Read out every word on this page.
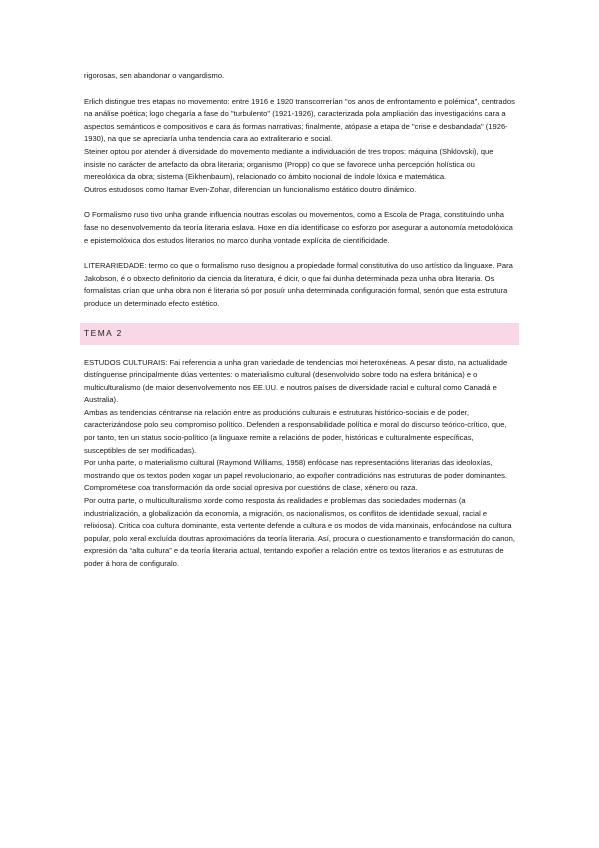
rigorosas, sen abandonar o vangardismo.

Erlich distingue tres etapas no movemento: entre 1916 e 1920 transcorrerían "os anos de enfrontamento e polémica", centrados na análise poética; logo chegaría a fase do "turbulento" (1921-1926), caracterizada pola ampliación das investigacións cara a aspectos semánticos e compositivos e cara ás formas narrativas; finalmente, atópase a etapa de "crise e desbandada" (1926-1930), na que se apreciaría unha tendencia cara ao extraliterario e social.

Steiner optou por atender á diversidade do movemento mediante a individuación de tres tropos: máquina (Shklovski), que insiste no carácter de artefacto da obra literaria; organismo (Propp) co que se favorece unha percepción holística ou mereolóxica da obra; sistema (Eikhenbaum), relacionado co ámbito nocional de índole lóxica e matemática.

Outros estudosos como Itamar Even-Zohar, diferencian un funcionalismo estático doutro dinámico.

O Formalismo ruso tivo unha grande influencia noutras escolas ou movementos, como a Escola de Praga, constituíndo unha fase no desenvolvemento da teoría literaria eslava. Hoxe en día identifícase co esforzo por asegurar a autonomía metodolóxica e epistemolóxica dos estudos literarios no marco dunha vontade explícita de científicidade.

LITERARIEDADE: termo co que o formalismo ruso designou a propiedade formal constitutiva do uso artístico da linguaxe. Para Jakobson, é o obxecto definitorio da ciencia da literatura, é dicir, o que fai dunha determinada peza unha obra literaria. Os formalistas crían que unha obra non é literaria só por posuír unha determinada configuración formal, senón que esta estrutura produce un determinado efecto estético.

TEMA 2

ESTUDOS CULTURAIS: Fai referencia a unha gran variedade de tendencias moi heteroxéneas. A pesar disto, na actualidade distínguense principalmente dúas vertentes: o materialismo cultural (desenvolvido sobre todo na esfera británica) e o multiculturalismo (de maior desenvolvemento nos EE.UU. e noutros países de diversidade racial e cultural como Canadá e Australia).

Ambas as tendencias céntranse na relación entre as producións culturais e estruturas histórico-sociais e de poder, caracterizándose polo seu compromiso político. Defenden a responsabilidade política e moral do discurso teórico-crítico, que, por tanto, ten un status socio-político (a linguaxe remite a relacións de poder, históricas e culturalmente específicas, susceptibles de ser modificadas).

Por unha parte, o materialismo cultural (Raymond Williams, 1958) enfócase nas representacións literarias das ideoloxías, mostrando que os textos poden xogar un papel revolucionario, ao expoñer contradicións nas estruturas de poder dominantes. Comprométese coa transformación da orde social opresiva por cuestións de clase, xénero ou raza.

Por outra parte, o multiculturalismo xorde como resposta ás realidades e problemas das sociedades modernas (a industrialización, a globalización da economía, a migración, os nacionalismos, os conflitos de identidade sexual, racial e relixiosa). Critica coa cultura dominante, esta vertente defende a cultura e os modos de vida marxinais, enfocándose na cultura popular, polo xeral excluída doutras aproximacións da teoría literaria. Así, procura o cuestionamento e transformación do canon, expresión da “alta cultura” e da teoría literaria actual, tentando expoñer a relación entre os textos literarios e as estruturas de poder á hora de configuralo.
